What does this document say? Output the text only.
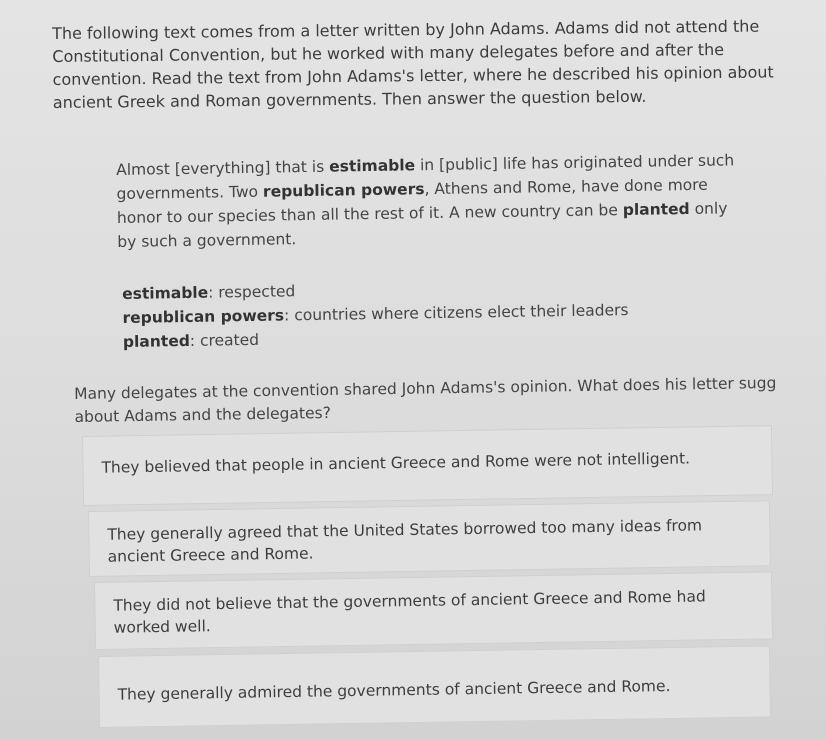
The following text comes from a letter written by John Adams. Adams did not attend the
Constitutional Convention, but he worked with many delegates before and after the
convention. Read the text from John Adams's letter, where he described his opinion about
ancient Greek and Roman governments. Then answer the question below.
Almost [everything] that is estimable in [public] life has originated under such
governments. Two republican powers, Athens and Rome, have done more
honor to our species than all the rest of it. A new country can be planted only
by such a government.
estimable: respected
republican powers: countries where citizens elect their leaders
planted: created
Many delegates at the convention shared John Adams's opinion. What does his letter sugg
about Adams and the delegates?
They believed that people in ancient Greece and Rome were not intelligent.
They generally agreed that the United States borrowed too many ideas from
ancient Greece and Rome.
They did not believe that the governments of ancient Greece and Rome had
worked well.
They generally admired the governments of ancient Greece and Rome.
